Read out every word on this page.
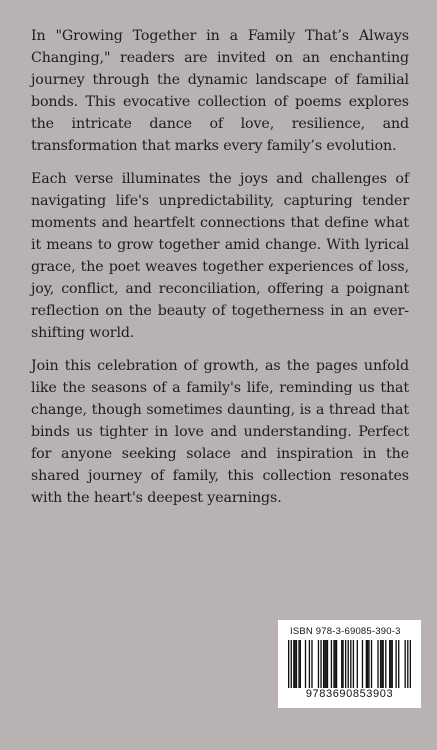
In "Growing Together in a Family That’s Always Changing," readers are invited on an enchanting journey through the dynamic landscape of familial bonds. This evocative collection of poems explores the intricate dance of love, resilience, and transformation that marks every family’s evolution.

Each verse illuminates the joys and challenges of navigating life's unpredictability, capturing tender moments and heartfelt connections that define what it means to grow together amid change. With lyrical grace, the poet weaves together experiences of loss, joy, conflict, and reconciliation, offering a poignant reflection on the beauty of togetherness in an ever-shifting world.

Join this celebration of growth, as the pages unfold like the seasons of a family's life, reminding us that change, though sometimes daunting, is a thread that binds us tighter in love and understanding. Perfect for anyone seeking solace and inspiration in the shared journey of family, this collection resonates with the heart's deepest yearnings.

ISBN 978-3-69085-390-3
9783690853903
